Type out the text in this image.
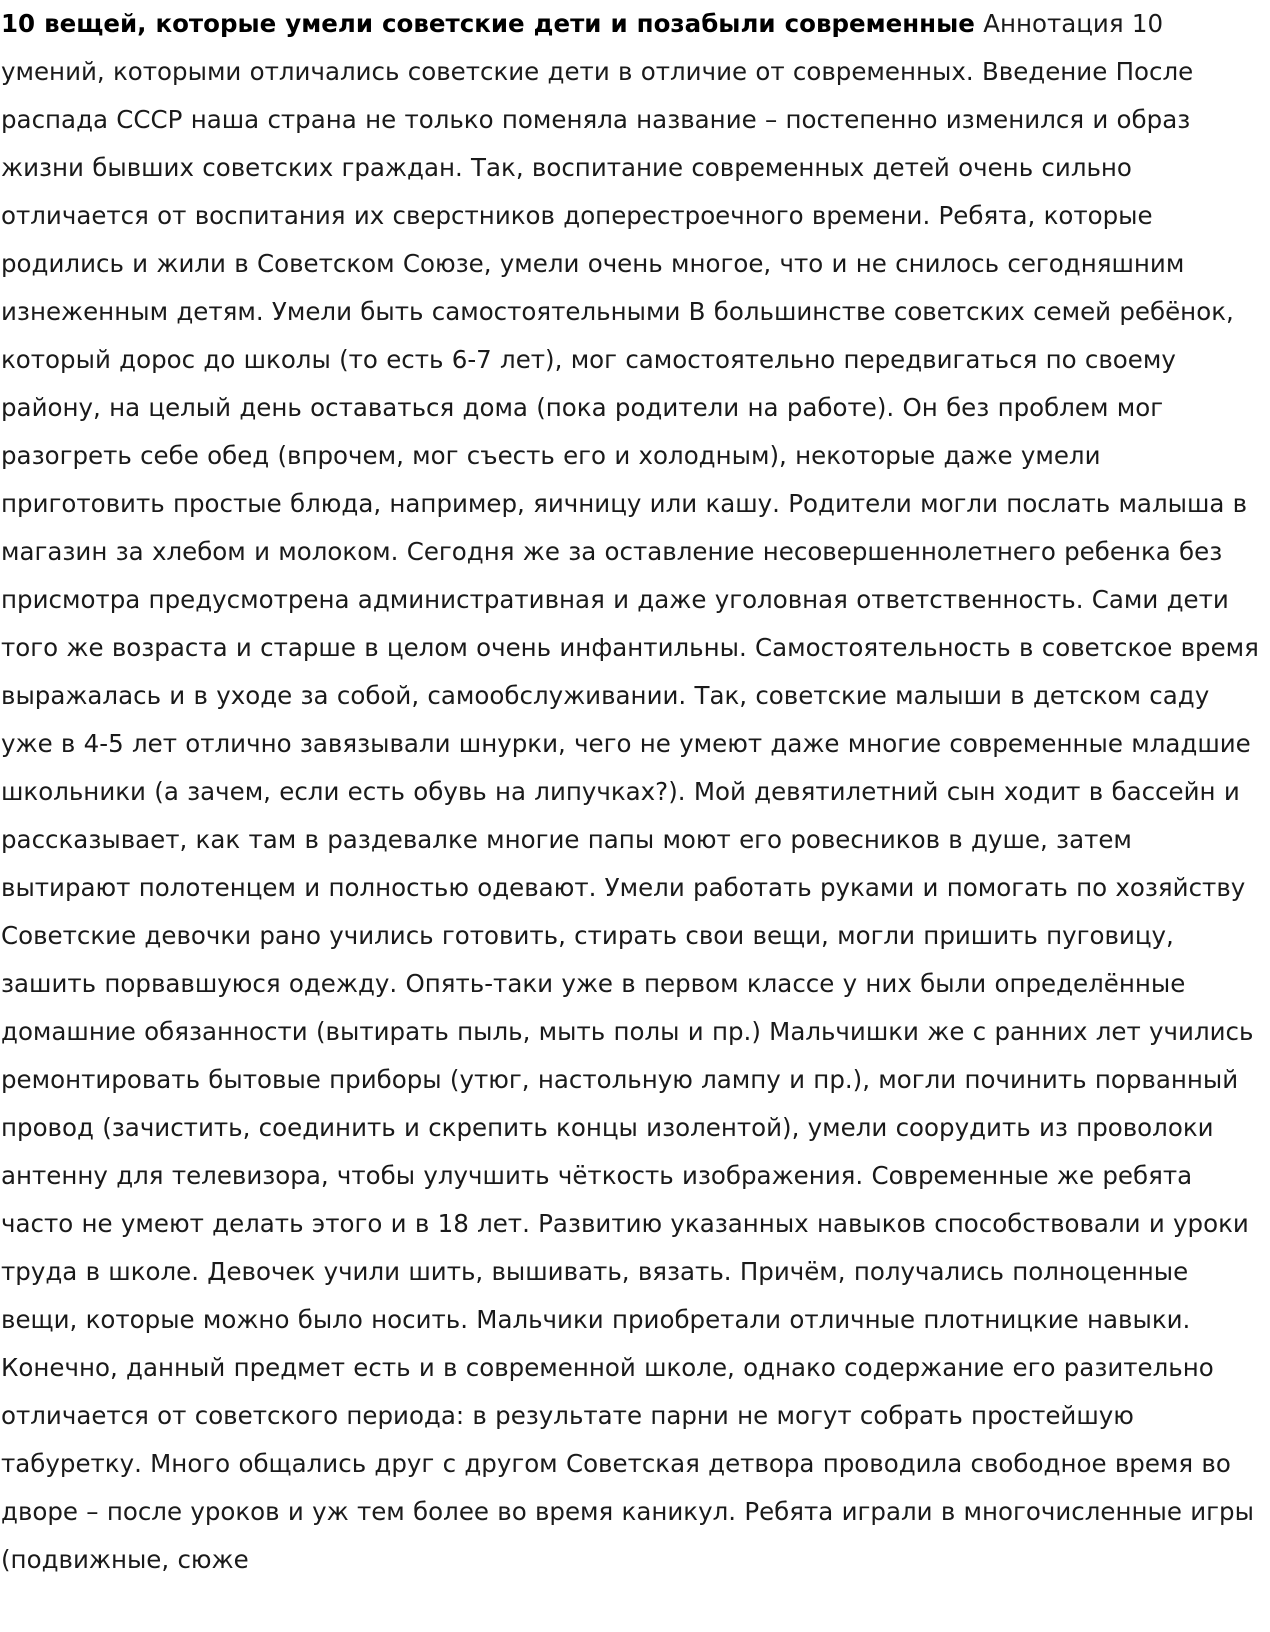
10 вещей, которые умели советские дети и позабыли современные Аннотация 10 умений, которыми отличались советские дети в отличие от современных. Введение После распада СССР наша страна не только поменяла название – постепенно изменился и образ жизни бывших советских граждан. Так, воспитание современных детей очень сильно отличается от воспитания их сверстников доперестроечного времени. Ребята, которые родились и жили в Советском Союзе, умели очень многое, что и не снилось сегодняшним изнеженным детям. Умели быть самостоятельными В большинстве советских семей ребёнок, который дорос до школы (то есть 6-7 лет), мог самостоятельно передвигаться по своему району, на целый день оставаться дома (пока родители на работе). Он без проблем мог разогреть себе обед (впрочем, мог съесть его и холодным), некоторые даже умели приготовить простые блюда, например, яичницу или кашу. Родители могли послать малыша в магазин за хлебом и молоком. Сегодня же за оставление несовершеннолетнего ребенка без присмотра предусмотрена административная и даже уголовная ответственность. Сами дети того же возраста и старше в целом очень инфантильны. Самостоятельность в советское время выражалась и в уходе за собой, самообслуживании. Так, советские малыши в детском саду уже в 4-5 лет отлично завязывали шнурки, чего не умеют даже многие современные младшие школьники (а зачем, если есть обувь на липучках?). Мой девятилетний сын ходит в бассейн и рассказывает, как там в раздевалке многие папы моют его ровесников в душе, затем вытирают полотенцем и полностью одевают. Умели работать руками и помогать по хозяйству Советские девочки рано учились готовить, стирать свои вещи, могли пришить пуговицу, зашить порвавшуюся одежду. Опять-таки уже в первом классе у них были определённые домашние обязанности (вытирать пыль, мыть полы и пр.) Мальчишки же с ранних лет учились ремонтировать бытовые приборы (утюг, настольную лампу и пр.), могли починить порванный провод (зачистить, соединить и скрепить концы изолентой), умели соорудить из проволоки антенну для телевизора, чтобы улучшить чёткость изображения. Современные же ребята часто не умеют делать этого и в 18 лет. Развитию указанных навыков способствовали и уроки труда в школе. Девочек учили шить, вышивать, вязать. Причём, получались полноценные вещи, которые можно было носить. Мальчики приобретали отличные плотницкие навыки. Конечно, данный предмет есть и в современной школе, однако содержание его разительно отличается от советского периода: в результате парни не могут собрать простейшую табуретку. Много общались друг с другом Советская детвора проводила свободное время во дворе – после уроков и уж тем более во время каникул. Ребята играли в многочисленные игры (подвижные, сюже
